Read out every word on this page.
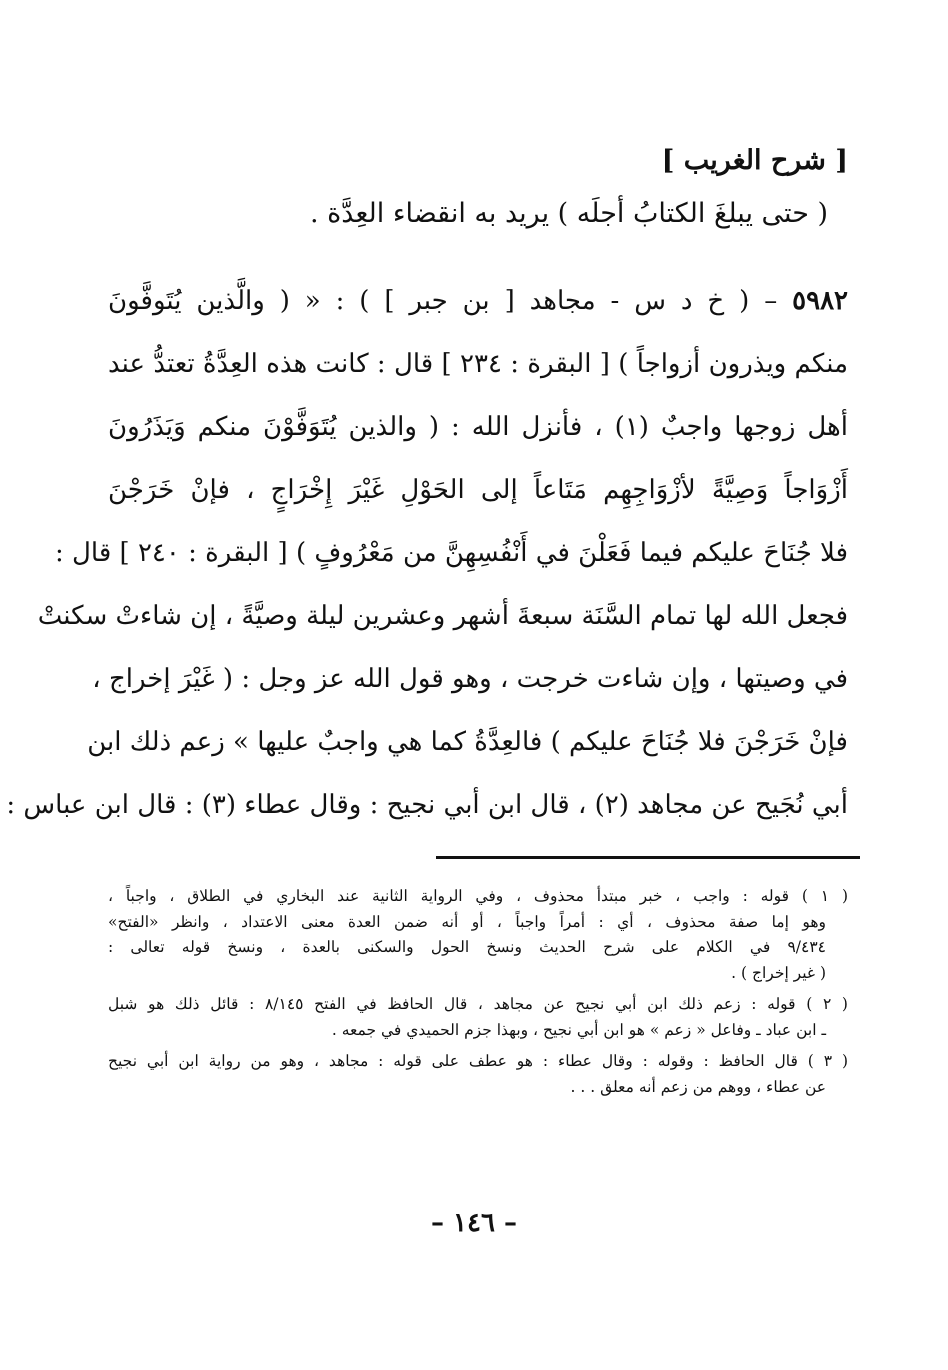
[ شرح الغريب ]
( حتى يبلغَ الكتابُ أجلَه ) يريد به انقضاء العِدَّة .
٥٩٨٢ – ( خ د س - مجاهد [ بن جبر ] ) : « ( والَّذين يُتَوفَّونَ
منكم ويذرون أزواجاً ) [ البقرة : ٢٣٤ ] قال : كانت هذه العِدَّةُ تعتدُّ عند
أهل زوجها واجبٌ (١) ، فأنزل الله : ( والذين يُتَوَفَّوْنَ منكم وَيَذَرُونَ
أَزْوَاجاً وَصِيَّةً لأزْوَاجِهِم مَتَاعاً إلى الحَوْلِ غَيْرَ إِخْرَاجٍ ، فإنْ خَرَجْنَ
فلا جُنَاحَ عليكم فيما فَعَلْنَ في أَنْفُسِهِنَّ من مَعْرُوفٍ ) [ البقرة : ٢٤٠ ] قال :
فجعل الله لها تمام السَّنَة سبعةَ أشهر وعشرين ليلة وصيَّةً ، إن شاءتْ سكنتْ
في وصيتها ، وإن شاءت خرجت ، وهو قول الله عز وجل : ( غَيْرَ إخراج ،
فإنْ خَرَجْنَ فلا جُنَاحَ عليكم ) فالعِدَّةُ كما هي واجبٌ عليها » زعم ذلك ابن
أبي نُجَيح عن مجاهد (٢) ، قال ابن أبي نجيح : وقال عطاء (٣) : قال ابن عباس :
( ١ ) قوله : واجب ، خبر مبتدأ محذوف ، وفي الرواية الثانية عند البخاري في الطلاق ، واجباً ،
وهو إما صفة محذوف ، أي : أمراً واجباً ، أو أنه ضمن العدة معنى الاعتداد ، وانظر «الفتح»
٩/٤٣٤ في الكلام على شرح الحديث ونسخ الحول والسكنى بالعدة ، ونسخ قوله تعالى :
( غير إخراج ) .
( ٢ ) قوله : زعم ذلك ابن أبي نجيح عن مجاهد ، قال الحافظ في الفتح ٨/١٤٥ : قائل ذلك هو شبل
ـ ابن عباد ـ وفاعل « زعم » هو ابن أبي نجيح ، وبهذا جزم الحميدي في جمعه .
( ٣ ) قال الحافظ : وقوله : وقال عطاء : هو عطف على قوله : مجاهد ، وهو من رواية ابن أبي نجيح
عن عطاء ، ووهم من زعم أنه معلق . . .
– ١٤٦ –
